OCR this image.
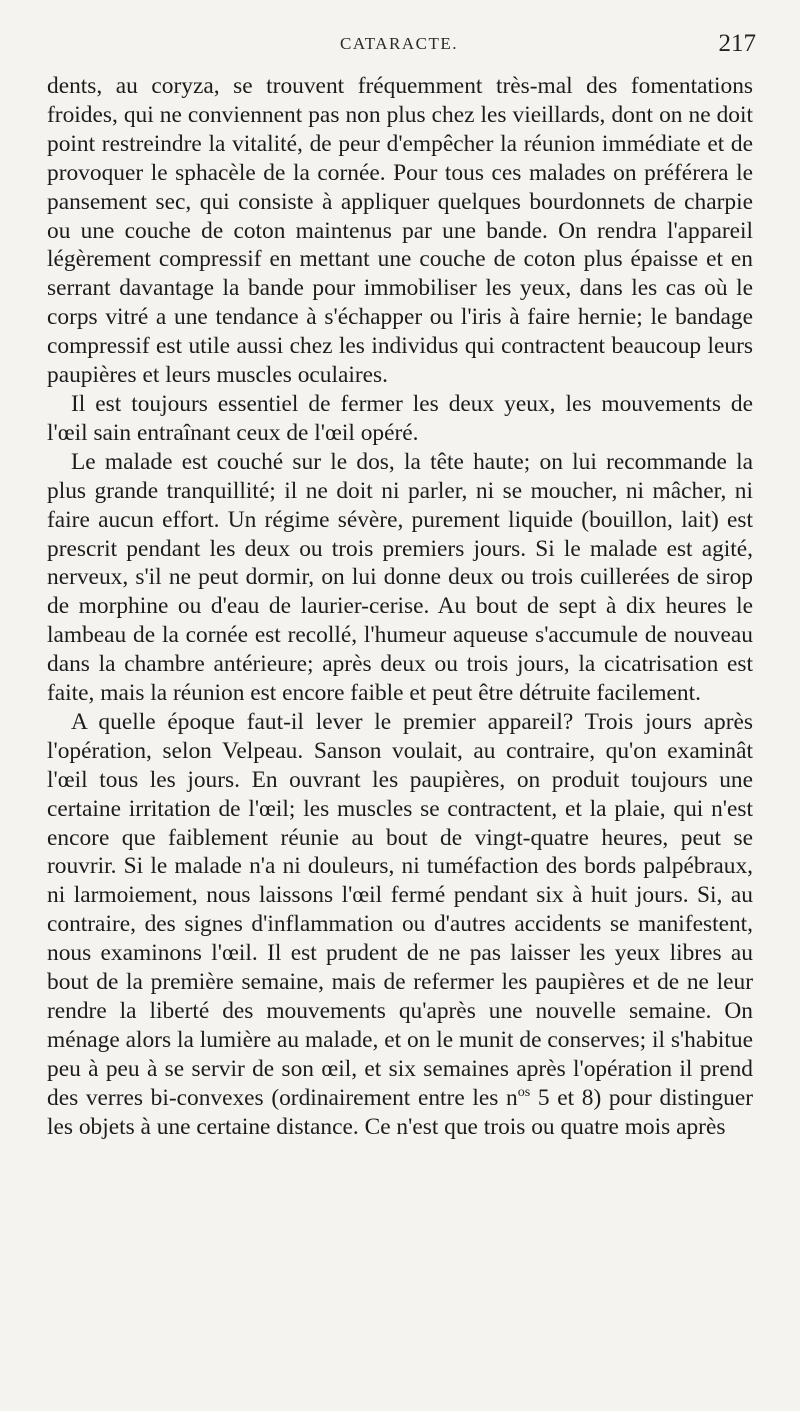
CATARACTE.	217

dents, au coryza, se trouvent fréquemment très-mal des fomentations froides, qui ne conviennent pas non plus chez les vieillards, dont on ne doit point restreindre la vitalité, de peur d'empêcher la réunion immédiate et de provoquer le sphacèle de la cornée. Pour tous ces malades on préférera le pansement sec, qui consiste à appliquer quelques bourdonnets de charpie ou une couche de coton maintenus par une bande. On rendra l'appareil légèrement compressif en mettant une couche de coton plus épaisse et en serrant davantage la bande pour immobiliser les yeux, dans les cas où le corps vitré a une tendance à s'échapper ou l'iris à faire hernie; le bandage compressif est utile aussi chez les individus qui contractent beaucoup leurs paupières et leurs muscles oculaires.

Il est toujours essentiel de fermer les deux yeux, les mouvements de l'œil sain entraînant ceux de l'œil opéré.

Le malade est couché sur le dos, la tête haute; on lui recommande la plus grande tranquillité; il ne doit ni parler, ni se moucher, ni mâcher, ni faire aucun effort. Un régime sévère, purement liquide (bouillon, lait) est prescrit pendant les deux ou trois premiers jours. Si le malade est agité, nerveux, s'il ne peut dormir, on lui donne deux ou trois cuillerées de sirop de morphine ou d'eau de laurier-cerise. Au bout de sept à dix heures le lambeau de la cornée est recollé, l'humeur aqueuse s'accumule de nouveau dans la chambre antérieure; après deux ou trois jours, la cicatrisation est faite, mais la réunion est encore faible et peut être détruite facilement.

A quelle époque faut-il lever le premier appareil? Trois jours après l'opération, selon Velpeau. Sanson voulait, au contraire, qu'on examinât l'œil tous les jours. En ouvrant les paupières, on produit toujours une certaine irritation de l'œil; les muscles se contractent, et la plaie, qui n'est encore que faiblement réunie au bout de vingt-quatre heures, peut se rouvrir. Si le malade n'a ni douleurs, ni tuméfaction des bords palpébraux, ni larmoiement, nous laissons l'œil fermé pendant six à huit jours. Si, au contraire, des signes d'inflammation ou d'autres accidents se manifestent, nous examinons l'œil. Il est prudent de ne pas laisser les yeux libres au bout de la première semaine, mais de refermer les paupières et de ne leur rendre la liberté des mouvements qu'après une nouvelle semaine. On ménage alors la lumière au malade, et on le munit de conserves; il s'habitue peu à peu à se servir de son œil, et six semaines après l'opération il prend des verres bi-convexes (ordinairement entre les $n^{os}$ 5 et 8) pour distinguer les objets à une certaine distance. Ce n'est que trois ou quatre mois après
